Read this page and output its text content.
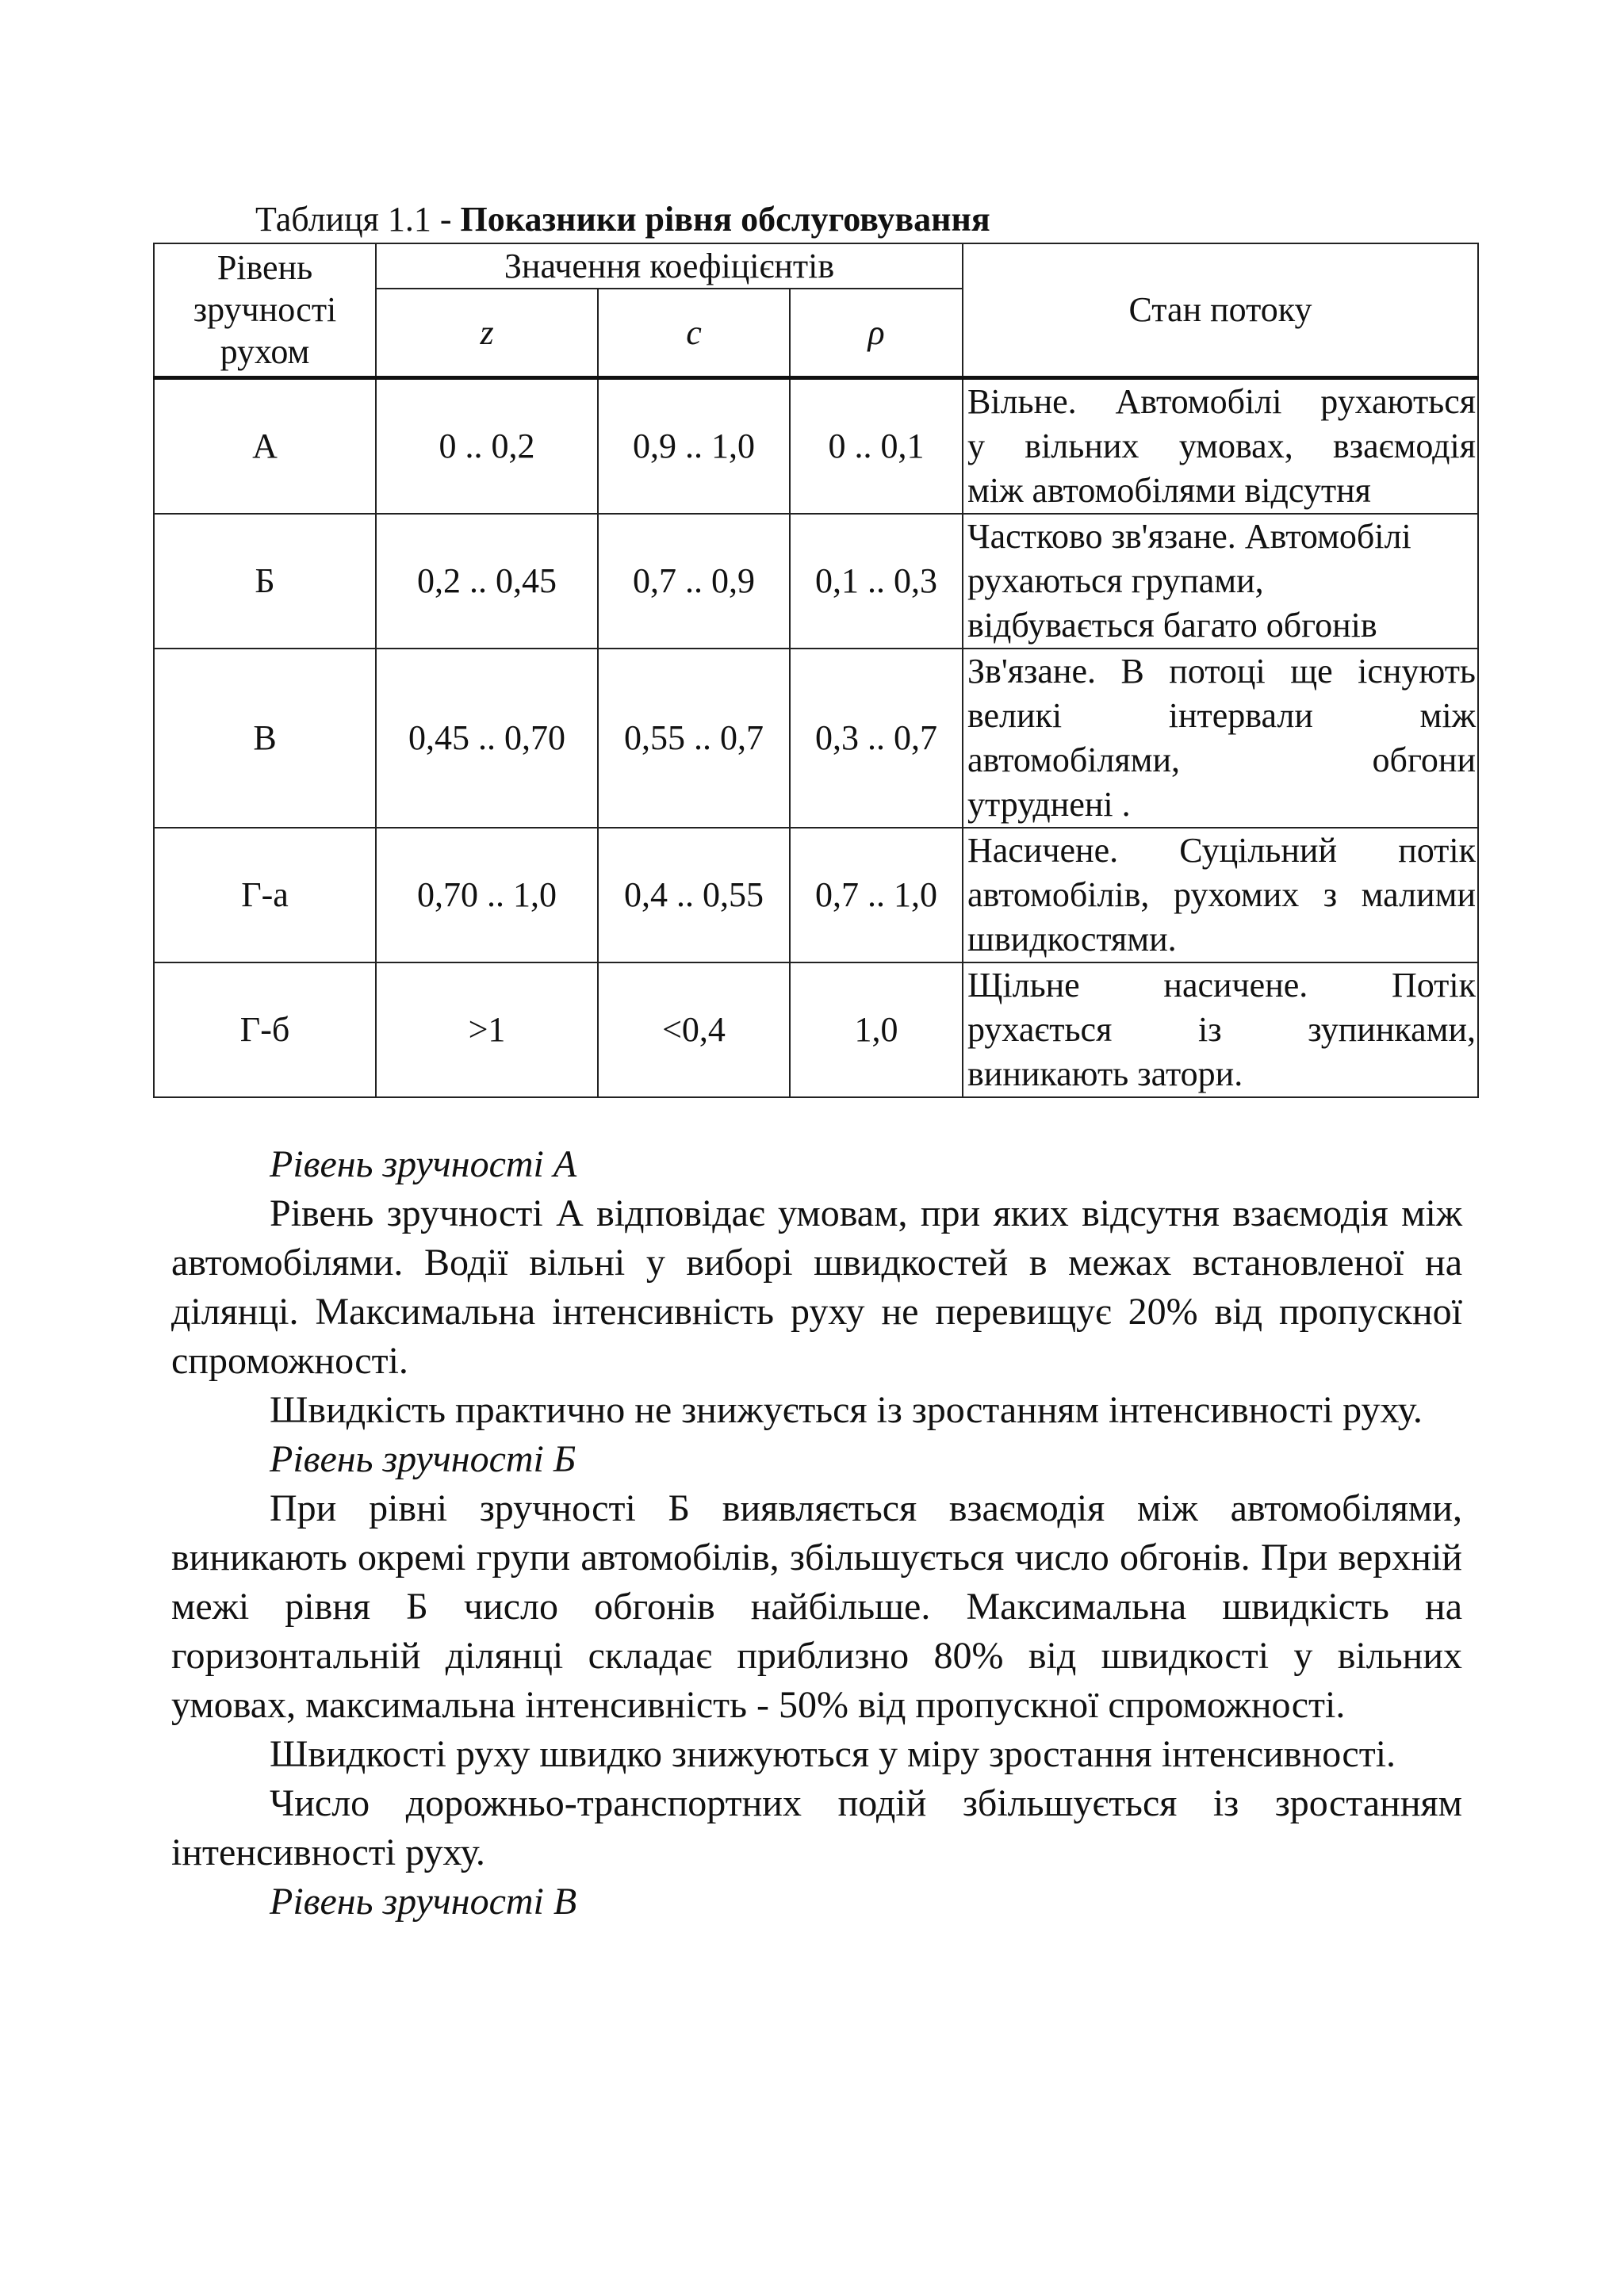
Таблиця 1.1 - Показники рівня обслуговування
Рівень зручності рухом	Значення коефіцієнтів			Стан потоку
	z	c	ρ	
А	0 .. 0,2	0,9 .. 1,0	0 .. 0,1	Вільне. Автомобілі рухаються
у вільних умовах, взаємодія
між автомобілями відсутня

Б	0,2 .. 0,45	0,7 .. 0,9	0,1 .. 0,3	Частково зв'язане. Автомобілі
рухаються групами,
відбувається багато обгонів

В	0,45 .. 0,70	0,55 .. 0,7	0,3 .. 0,7	Зв'язане. В потоці ще існують
великі інтервали між
автомобілями, обгони
утруднені .

Г-а	0,70 .. 1,0	0,4 .. 0,55	0,7 .. 1,0	Насичене. Суцільний потік
автомобілів, рухомих з малими
швидкостями.

Г-б	>1	<0,4	1,0	Щільне насичене. Потік
рухається із зупинками,
виникають затори.

Рівень зручності А

Рівень зручності А відповідає умовам, при яких відсутня взаємодія між автомобілями. Водії вільні у виборі швидкостей в межах встановленої на ділянці. Максимальна інтенсивність руху не перевищує 20% від пропускної спроможності.

Швидкість практично не знижується із зростанням інтенсивності руху.

Рівень зручності Б

При рівні зручності Б виявляється взаємодія між автомобілями, виникають окремі групи автомобілів, збільшується число обгонів. При верхній межі рівня Б число обгонів найбільше. Максимальна швидкість на горизонтальній ділянці складає приблизно 80% від швидкості у вільних умовах, максимальна інтенсивність - 50% від пропускної спроможності.

Швидкості руху швидко знижуються у міру зростання інтенсивності.

Число дорожньо-транспортних подій збільшується із зростанням інтенсивності руху.

Рівень зручності В
